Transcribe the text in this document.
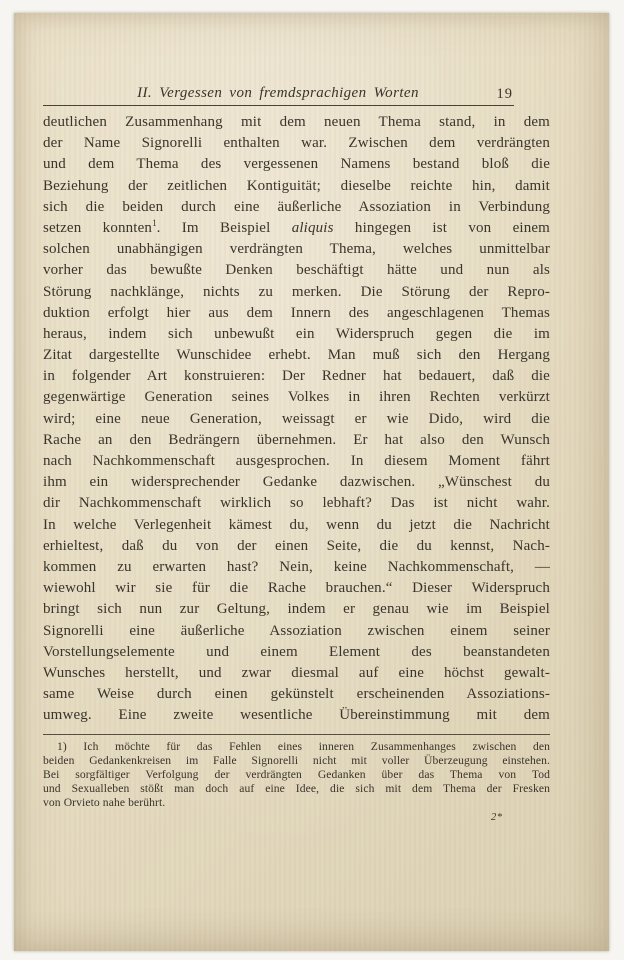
II. Vergessen von fremdsprachigen Worten	19
deutlichen Zusammenhang mit dem neuen Thema stand, in dem
der Name Signorelli enthalten war. Zwischen dem verdrängten
und dem Thema des vergessenen Namens bestand bloß die
Beziehung der zeitlichen Kontiguität; dieselbe reichte hin, damit
sich die beiden durch eine äußerliche Assoziation in Verbindung
setzen konnten$^1$. Im Beispiel aliquis hingegen ist von einem
solchen unabhängigen verdrängten Thema, welches unmittelbar
vorher das bewußte Denken beschäftigt hätte und nun als
Störung nachklänge, nichts zu merken. Die Störung der Repro-
duktion erfolgt hier aus dem Innern des angeschlagenen Themas
heraus, indem sich unbewußt ein Widerspruch gegen die im
Zitat dargestellte Wunschidee erhebt. Man muß sich den Hergang
in folgender Art konstruieren: Der Redner hat bedauert, daß die
gegenwärtige Generation seines Volkes in ihren Rechten verkürzt
wird; eine neue Generation, weissagt er wie Dido, wird die
Rache an den Bedrängern übernehmen. Er hat also den Wunsch
nach Nachkommenschaft ausgesprochen. In diesem Moment fährt
ihm ein widersprechender Gedanke dazwischen. „Wünschest du
dir Nachkommenschaft wirklich so lebhaft? Das ist nicht wahr.
In welche Verlegenheit kämest du, wenn du jetzt die Nachricht
erhieltest, daß du von der einen Seite, die du kennst, Nach-
kommen zu erwarten hast? Nein, keine Nachkommenschaft, —
wiewohl wir sie für die Rache brauchen.“ Dieser Widerspruch
bringt sich nun zur Geltung, indem er genau wie im Beispiel
Signorelli eine äußerliche Assoziation zwischen einem seiner
Vorstellungselemente und einem Element des beanstandeten
Wunsches herstellt, und zwar diesmal auf eine höchst gewalt-
same Weise durch einen gekünstelt erscheinenden Assoziations-
umweg. Eine zweite wesentliche Übereinstimmung mit dem
1) Ich möchte für das Fehlen eines inneren Zusammenhanges zwischen den
beiden Gedankenkreisen im Falle Signorelli nicht mit voller Überzeugung einstehen.
Bei sorgfältiger Verfolgung der verdrängten Gedanken über das Thema von Tod
und Sexualleben stößt man doch auf eine Idee, die sich mit dem Thema der Fresken
von Orvieto nahe berührt.
2*
